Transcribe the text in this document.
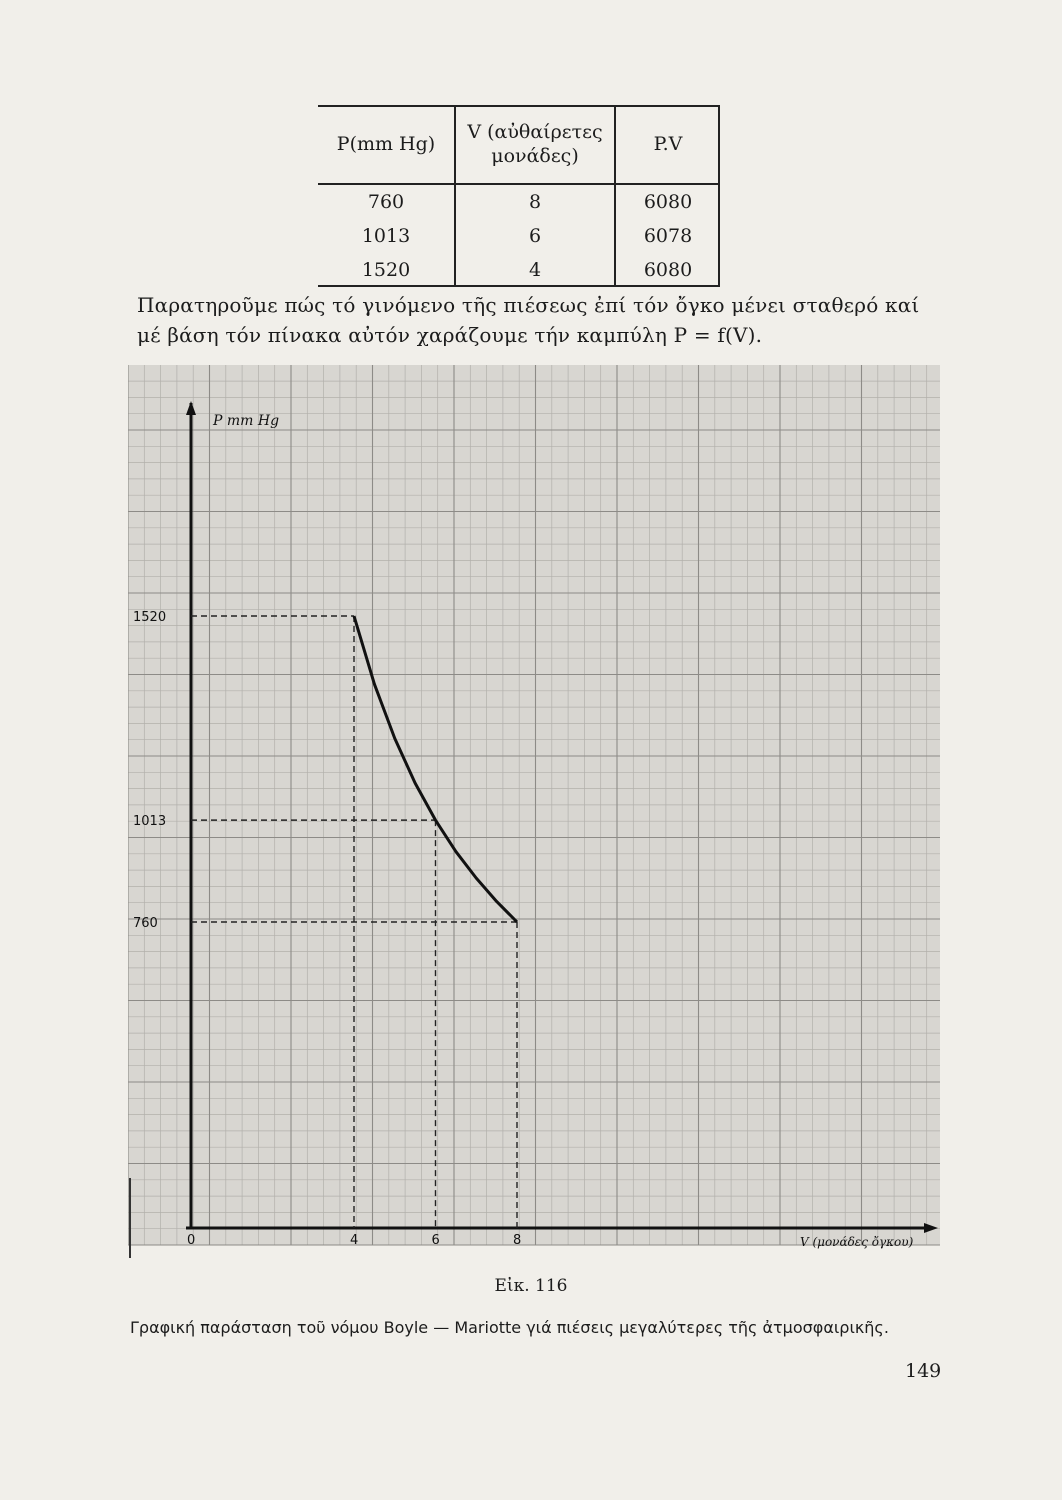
P(mm Hg)	V (αὐθαίρετες
μονάδες)	P.V
760	8	6080
1013	6	6078
1520	4	6080
Παρατηροῦμε πώς τό γινόμενο τῆς πιέσεως ἐπί τόν ὄγκο μένει σταθερό καί
μέ βάση τόν πίνακα αὐτόν χαράζουμε τήν καμπύλη P = f(V).
P mm Hg
V (μονάδες ὄγκου)
760
1013
1520
0	4	6	8
Εἰκ. 116
Γραφική παράσταση τοῦ νόμου Boyle — Mariotte γιά πιέσεις μεγαλύτερες τῆς ἀτμοσφαιρικῆς.
149
